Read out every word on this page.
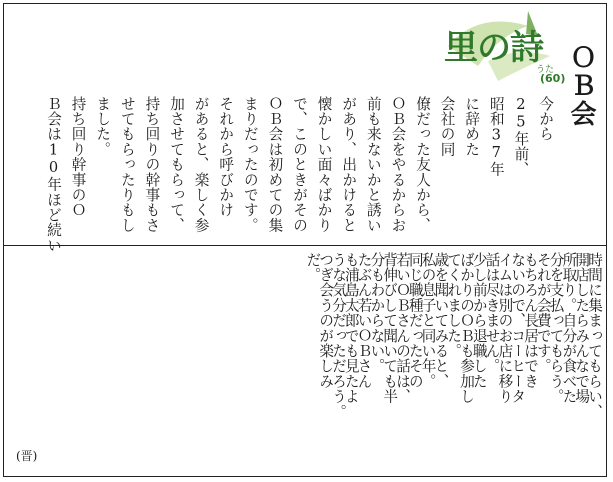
里の詩
うた
(60) ＯＢ会
今から
25年前、
昭和37年
に辞めた
会社の同
僚だった友人から、
ＯＢ会をやるからお
前も来ないかと誘い
があり、出かけると
懐かしい面々ばかり
で、このときがその
ＯＢ会は初めての集
まりだったのです。
それから呼びかけ
があると、楽しく参
加させてもらって、
持ち回りの幹事もさ
せてもらったりもし
ました。
持ち回り幹事のＯ
Ｂ会は10年ほど続い
時間に集まってもらい、
開店したらみんなで場
所取り。自分が食べた
分を支払ってもらう。
それが会費です。
もちろん長居はでき
ないので、コーヒータ
イムは別のお店に移り
話は尽きません。
少し前から退職した
ばかりのＯＢも参加し
てくれました。
歳を聞いてみると、
私の息子と同い年。
同じ職種だったその
若いＯＢさんの話は、
背伸びして聞いても半
分もわからない。
たぶん若いＯＢさん
も浦島太郎でも見たよ
うな気分だっただろう。
つぎ会うのが楽しみ
だ。
(晋)
